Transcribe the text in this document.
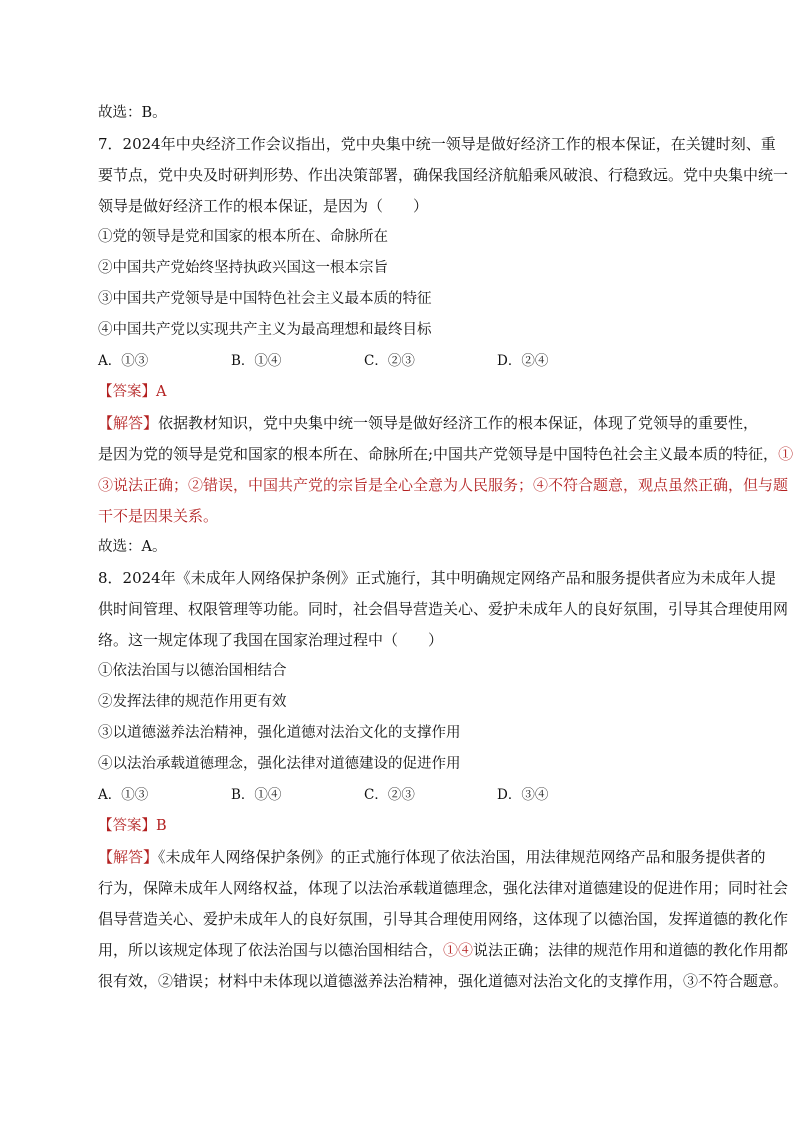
故选：B。

7．2024年中央经济工作会议指出，党中央集中统一领导是做好经济工作的根本保证，在关键时刻、重

要节点，党中央及时研判形势、作出决策部署，确保我国经济航船乘风破浪、行稳致远。党中央集中统一

领导是做好经济工作的根本保证，是因为（　　）

①党的领导是党和国家的根本所在、命脉所在

②中国共产党始终坚持执政兴国这一根本宗旨

③中国共产党领导是中国特色社会主义最本质的特征

④中国共产党以实现共产主义为最高理想和最终目标

A．①③	B．①④	C．②③	D．②④

【答案】A

【解答】依据教材知识，党中央集中统一领导是做好经济工作的根本保证，体现了党领导的重要性，

是因为党的领导是党和国家的根本所在、命脉所在;中国共产党领导是中国特色社会主义最本质的特征，①

③说法正确；②错误，中国共产党的宗旨是全心全意为人民服务；④不符合题意，观点虽然正确，但与题

干不是因果关系。

故选：A。

8．2024年《未成年人网络保护条例》正式施行，其中明确规定网络产品和服务提供者应为未成年人提

供时间管理、权限管理等功能。同时，社会倡导营造关心、爱护未成年人的良好氛围，引导其合理使用网

络。这一规定体现了我国在国家治理过程中（　　）

①依法治国与以德治国相结合

②发挥法律的规范作用更有效

③以道德滋养法治精神，强化道德对法治文化的支撑作用

④以法治承载道德理念，强化法律对道德建设的促进作用

A．①③	B．①④	C．②③	D．③④

【答案】B

【解答】《未成年人网络保护条例》的正式施行体现了依法治国，用法律规范网络产品和服务提供者的

行为，保障未成年人网络权益，体现了以法治承载道德理念，强化法律对道德建设的促进作用；同时社会

倡导营造关心、爱护未成年人的良好氛围，引导其合理使用网络，这体现了以德治国，发挥道德的教化作

用，所以该规定体现了依法治国与以德治国相结合，①④说法正确；法律的规范作用和道德的教化作用都

很有效，②错误；材料中未体现以道德滋养法治精神，强化道德对法治文化的支撑作用，③不符合题意。
